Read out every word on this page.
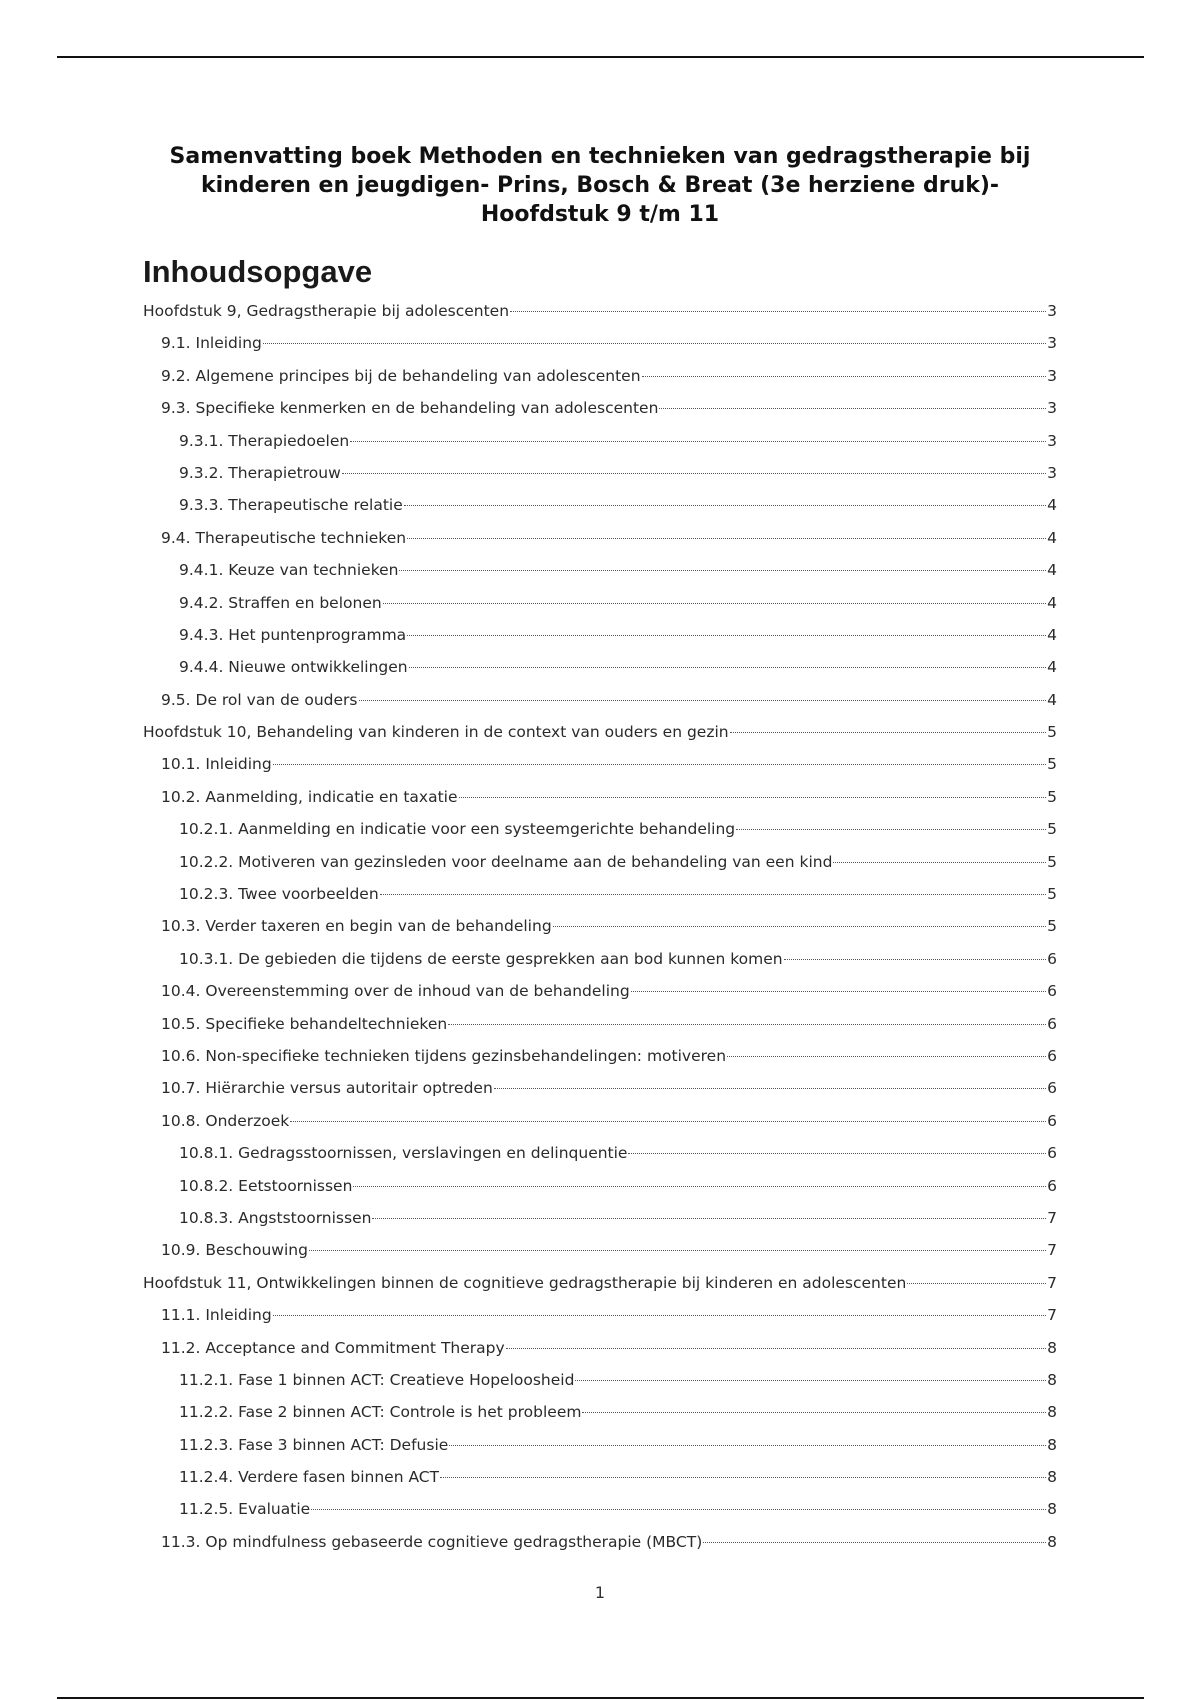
Samenvatting boek Methoden en technieken van gedragstherapie bij
kinderen en jeugdigen- Prins, Bosch & Breat (3e herziene druk)-
Hoofdstuk 9 t/m 11
Inhoudsopgave
Hoofdstuk 9, Gedragstherapie bij adolescenten	3
9.1. Inleiding	3
9.2. Algemene principes bij de behandeling van adolescenten	3
9.3. Specifieke kenmerken en de behandeling van adolescenten	3
9.3.1. Therapiedoelen	3
9.3.2. Therapietrouw	3
9.3.3. Therapeutische relatie	4
9.4. Therapeutische technieken	4
9.4.1. Keuze van technieken	4
9.4.2. Straffen en belonen	4
9.4.3. Het puntenprogramma	4
9.4.4. Nieuwe ontwikkelingen	4
9.5. De rol van de ouders	4
Hoofdstuk 10, Behandeling van kinderen in de context van ouders en gezin	5
10.1. Inleiding	5
10.2. Aanmelding, indicatie en taxatie	5
10.2.1. Aanmelding en indicatie voor een systeemgerichte behandeling	5
10.2.2. Motiveren van gezinsleden voor deelname aan de behandeling van een kind	5
10.2.3. Twee voorbeelden	5
10.3. Verder taxeren en begin van de behandeling	5
10.3.1. De gebieden die tijdens de eerste gesprekken aan bod kunnen komen	6
10.4. Overeenstemming over de inhoud van de behandeling	6
10.5. Specifieke behandeltechnieken	6
10.6. Non-specifieke technieken tijdens gezinsbehandelingen: motiveren	6
10.7. Hiërarchie versus autoritair optreden	6
10.8. Onderzoek	6
10.8.1. Gedragsstoornissen, verslavingen en delinquentie	6
10.8.2. Eetstoornissen	6
10.8.3. Angststoornissen	7
10.9. Beschouwing	7
Hoofdstuk 11, Ontwikkelingen binnen de cognitieve gedragstherapie bij kinderen en adolescenten	7
11.1. Inleiding	7
11.2. Acceptance and Commitment Therapy	8
11.2.1. Fase 1 binnen ACT: Creatieve Hopeloosheid	8
11.2.2. Fase 2 binnen ACT: Controle is het probleem	8
11.2.3. Fase 3 binnen ACT: Defusie	8
11.2.4. Verdere fasen binnen ACT	8
11.2.5. Evaluatie	8
11.3. Op mindfulness gebaseerde cognitieve gedragstherapie (MBCT)	8
1
